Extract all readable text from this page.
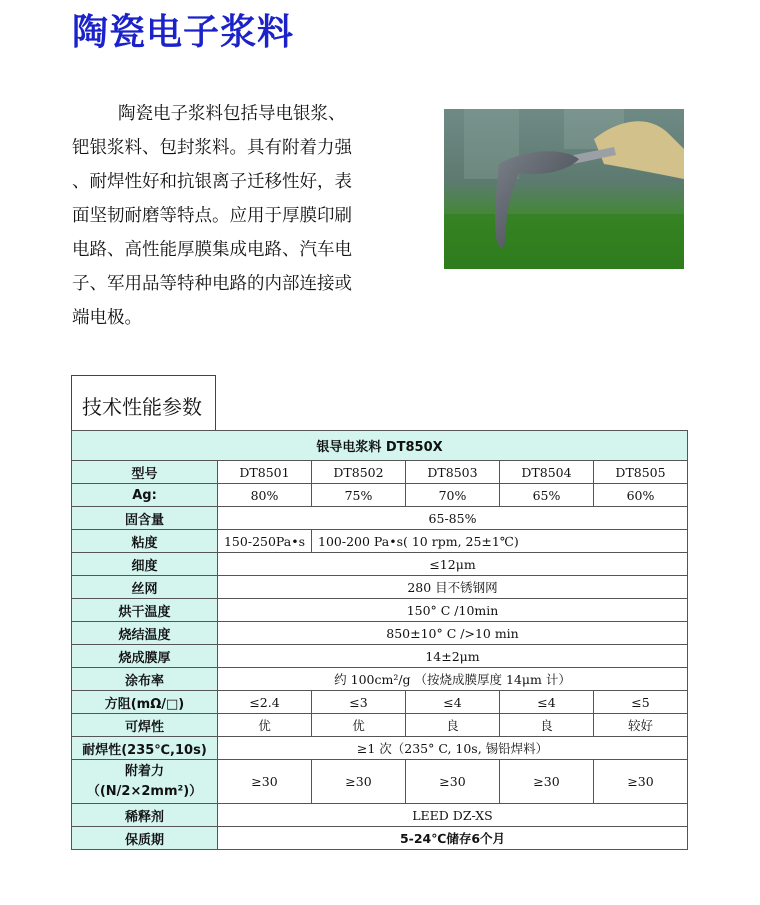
陶瓷电子浆料
陶瓷电子浆料包括导电银浆、
钯银浆料、包封浆料。具有附着力强
、耐焊性好和抗银离子迁移性好，表
面坚韧耐磨等特点。应用于厚膜印刷
电路、高性能厚膜集成电路、汽车电
子、军用品等特种电路的内部连接或
端电极。
技术性能参数
银导电浆料 DT850X					
型号	DT8501	DT8502	DT8503	DT8504	DT8505
Ag:	80%	75%	70%	65%	60%
固含量	65-85%				
粘度	150-250Pa•s	100-200 Pa•s( 10 rpm, 25±1℃)			
细度	≤12μm				
丝网	280 目不锈钢网				
烘干温度	150° C /10min				
烧结温度	850±10° C />10 min				
烧成膜厚	14±2μm				
涂布率	约 100cm²/g （按烧成膜厚度 14μm 计）				
方阻(mΩ/□)	≤2.4	≤3	≤4	≤4	≤5
可焊性	优	优	良	良	较好
耐焊性(235℃,10s)	≥1 次（235° C, 10s, 锡铅焊料）				
附着力（(N/2×2mm²)）	≥30	≥30	≥30	≥30	≥30
稀释剂	LEED DZ-XS				
保质期	5-24℃储存6个月				
